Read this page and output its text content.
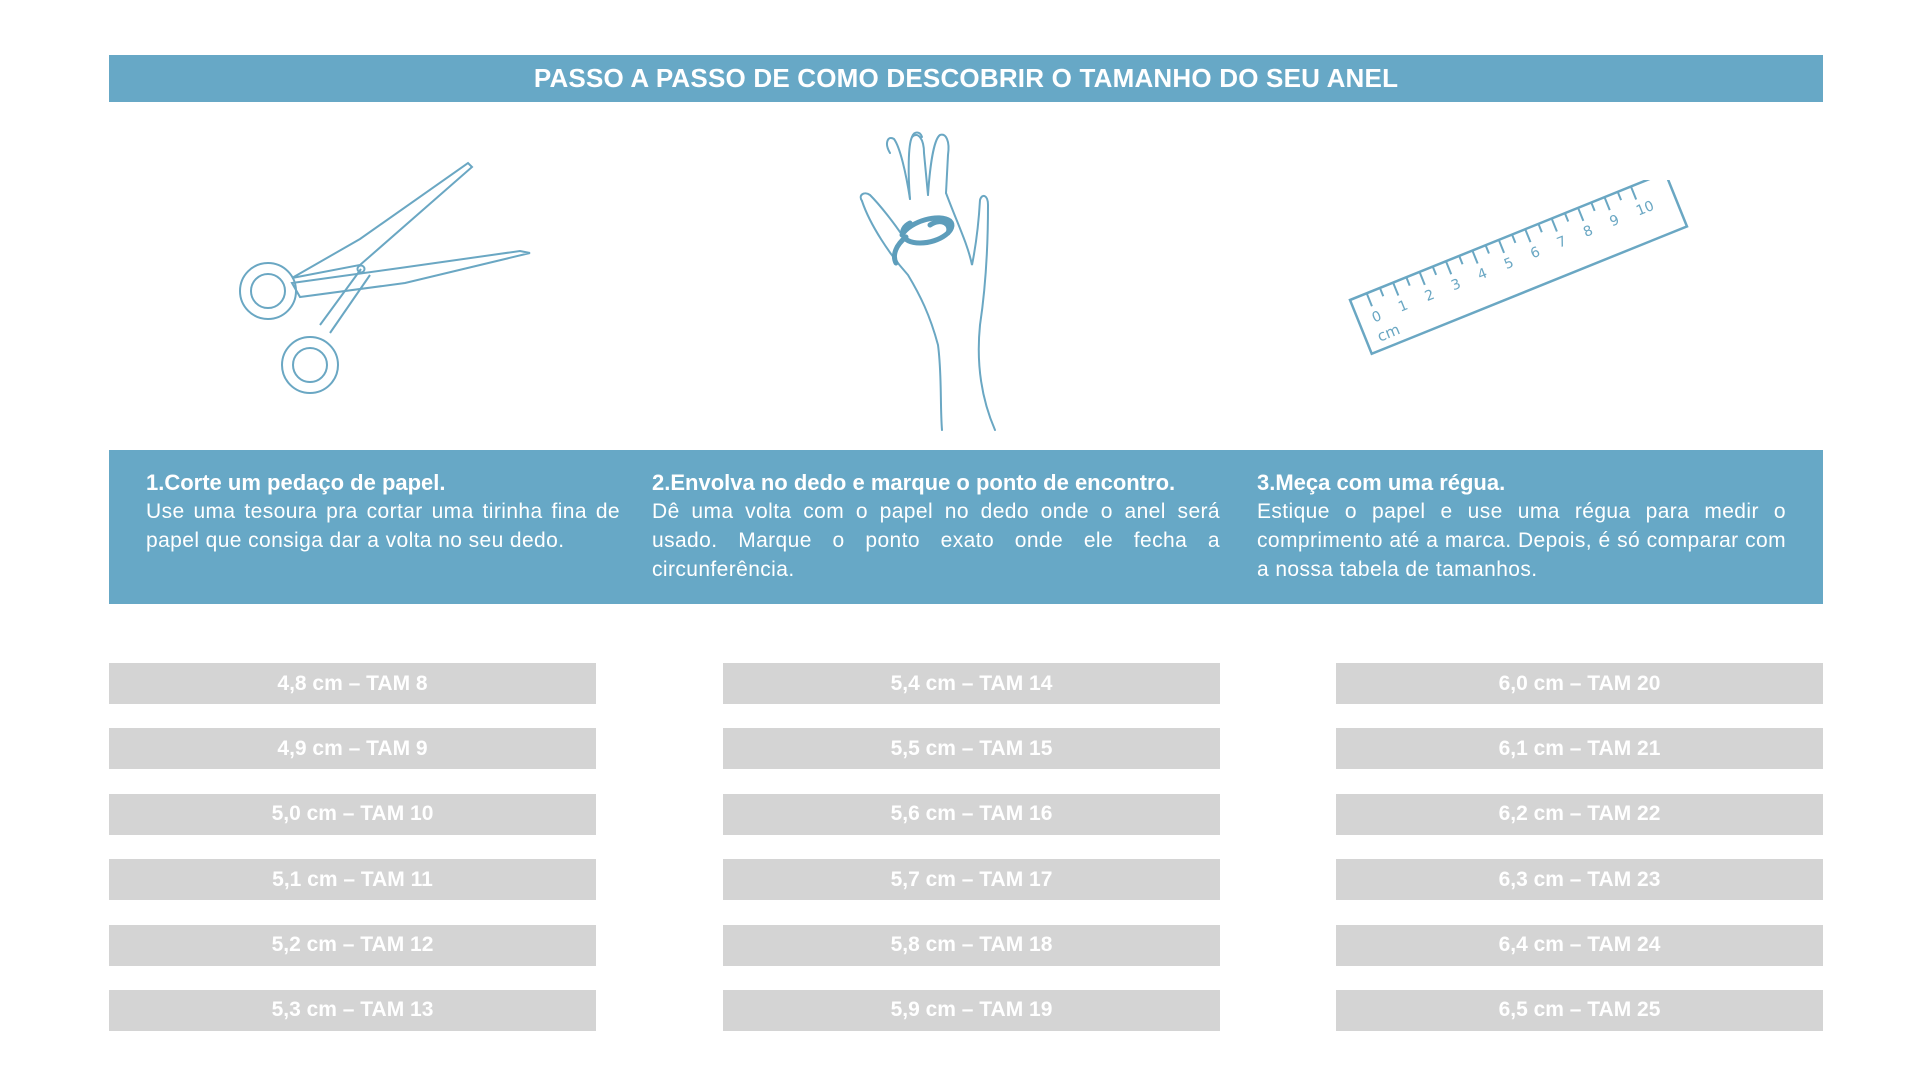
PASSO A PASSO DE COMO DESCOBRIR O TAMANHO DO SEU ANEL
0
1
2
3
4
5
6
7
8
9
10
cm
1.Corte um pedaço de papel.
Use uma tesoura pra cortar uma tirinha fina de papel que consiga dar a volta no seu dedo.
2.Envolva no dedo e marque o ponto de encontro.
Dê uma volta com o papel no dedo onde o anel será usado. Marque o ponto exato onde ele fecha a circunferência.
3.Meça com uma régua.
Estique o papel e use uma régua para medir o comprimento até a marca. Depois, é só comparar com a nossa tabela de tamanhos.
4,8 cm – TAM 8
4,9 cm – TAM 9
5,0 cm – TAM 10
5,1 cm – TAM 11
5,2 cm – TAM 12
5,3 cm – TAM 13
5,4 cm – TAM 14
5,5 cm – TAM 15
5,6 cm – TAM 16
5,7 cm – TAM 17
5,8 cm – TAM 18
5,9 cm – TAM 19
6,0 cm – TAM 20
6,1 cm – TAM 21
6,2 cm – TAM 22
6,3 cm – TAM 23
6,4 cm – TAM 24
6,5 cm – TAM 25
